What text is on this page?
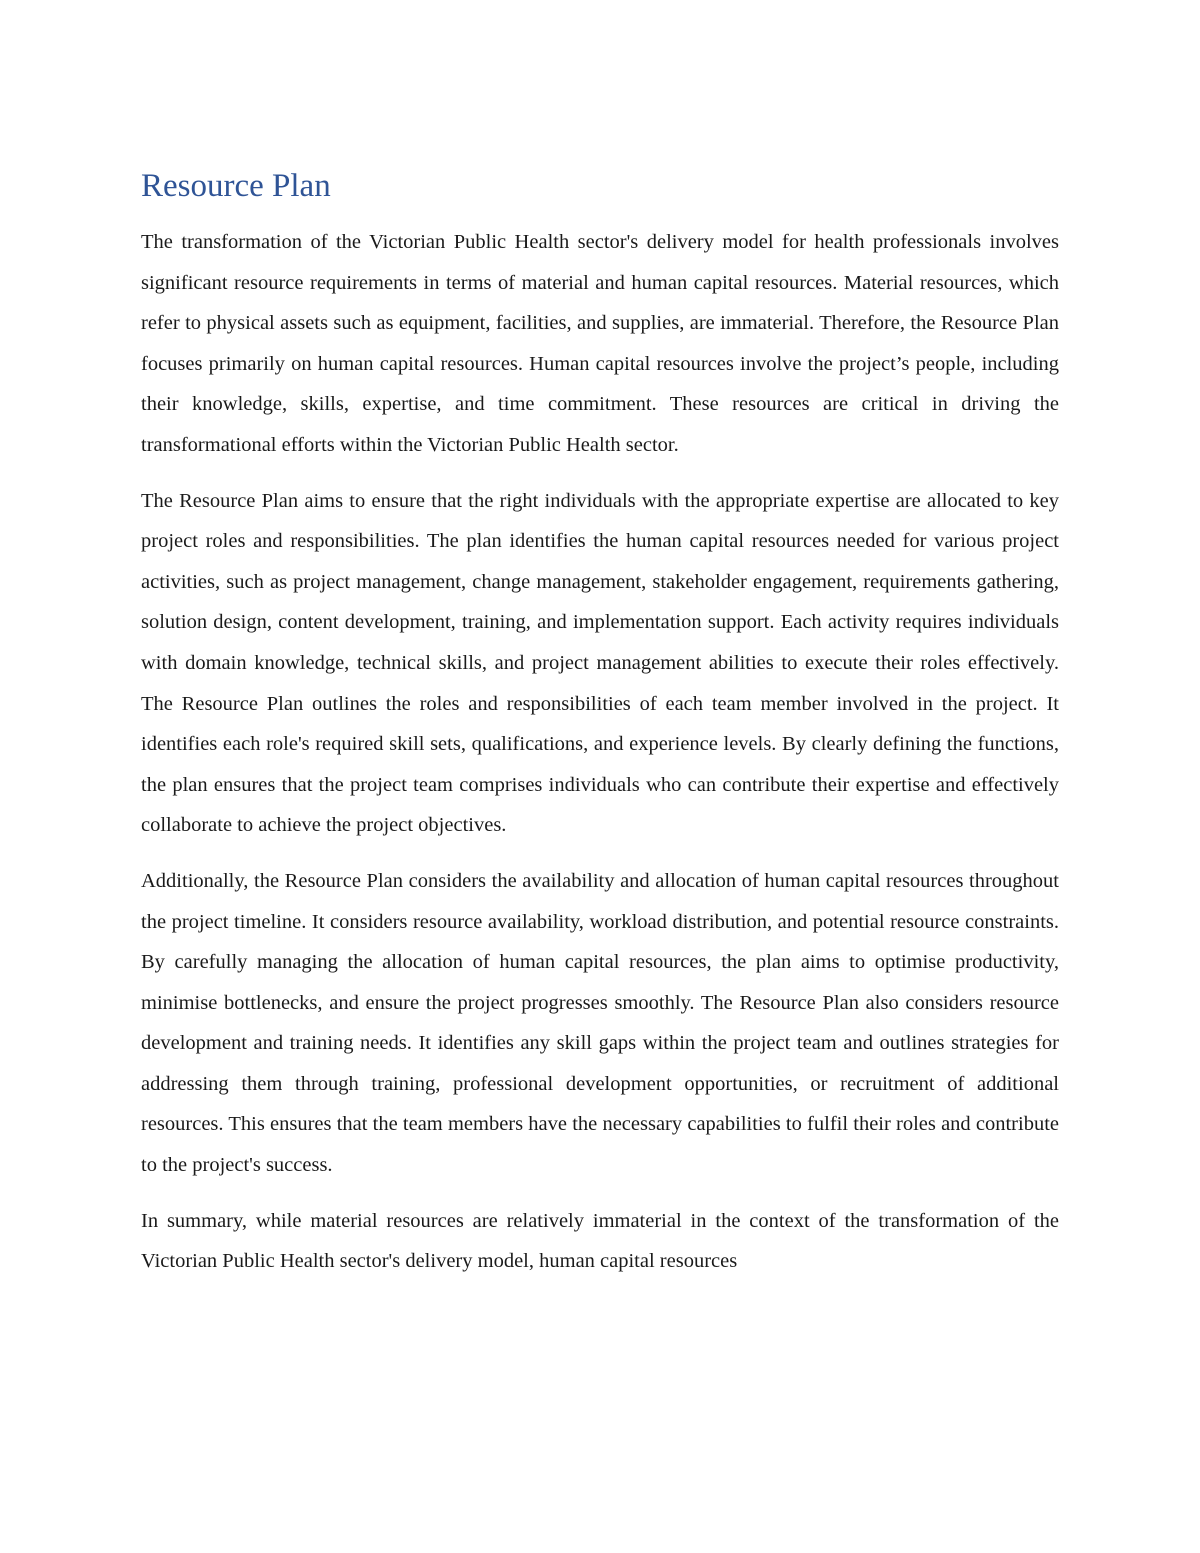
Resource Plan

The transformation of the Victorian Public Health sector's delivery model for health professionals involves significant resource requirements in terms of material and human capital resources. Material resources, which refer to physical assets such as equipment, facilities, and supplies, are immaterial. Therefore, the Resource Plan focuses primarily on human capital resources. Human capital resources involve the project’s people, including their knowledge, skills, expertise, and time commitment. These resources are critical in driving the transformational efforts within the Victorian Public Health sector.

The Resource Plan aims to ensure that the right individuals with the appropriate expertise are allocated to key project roles and responsibilities. The plan identifies the human capital resources needed for various project activities, such as project management, change management, stakeholder engagement, requirements gathering, solution design, content development, training, and implementation support. Each activity requires individuals with domain knowledge, technical skills, and project management abilities to execute their roles effectively. The Resource Plan outlines the roles and responsibilities of each team member involved in the project. It identifies each role's required skill sets, qualifications, and experience levels. By clearly defining the functions, the plan ensures that the project team comprises individuals who can contribute their expertise and effectively collaborate to achieve the project objectives.

Additionally, the Resource Plan considers the availability and allocation of human capital resources throughout the project timeline. It considers resource availability, workload distribution, and potential resource constraints. By carefully managing the allocation of human capital resources, the plan aims to optimise productivity, minimise bottlenecks, and ensure the project progresses smoothly. The Resource Plan also considers resource development and training needs. It identifies any skill gaps within the project team and outlines strategies for addressing them through training, professional development opportunities, or recruitment of additional resources. This ensures that the team members have the necessary capabilities to fulfil their roles and contribute to the project's success.

In summary, while material resources are relatively immaterial in the context of the transformation of the Victorian Public Health sector's delivery model, human capital resources
